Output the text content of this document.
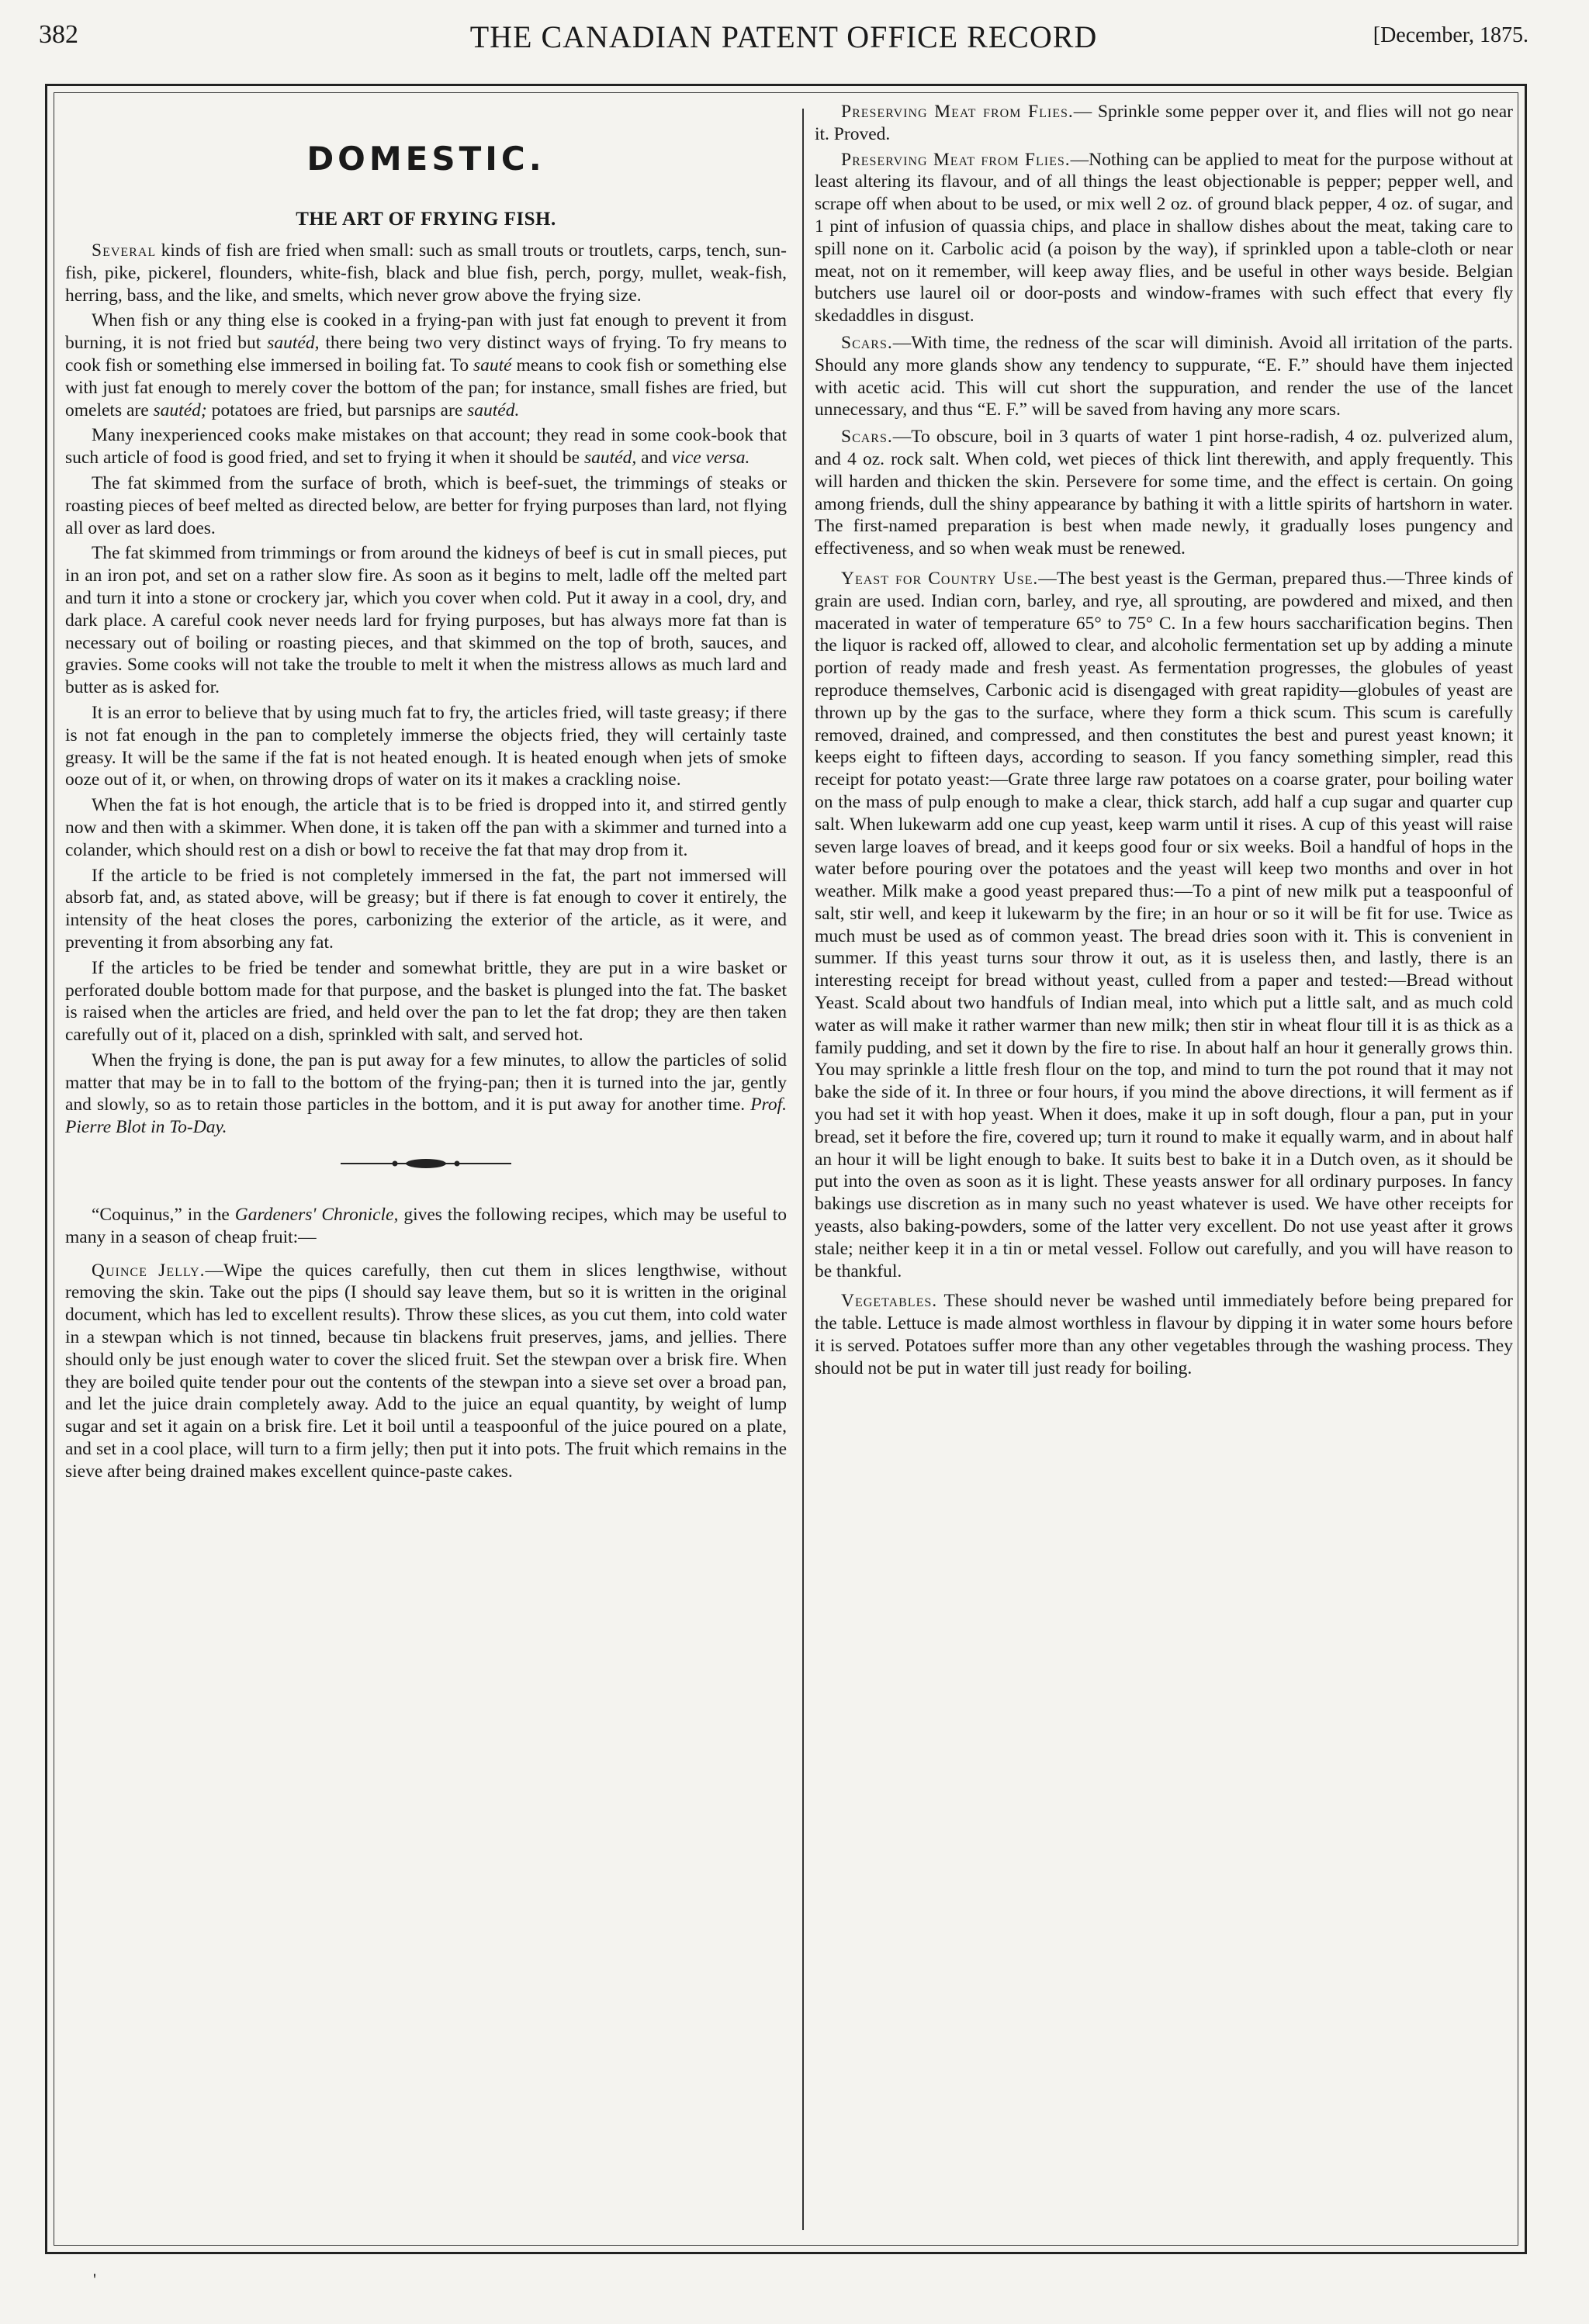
382	THE CANADIAN PATENT OFFICE RECORD	[December, 1875.
DOMESTIC.
THE ART OF FRYING FISH.

Several kinds of fish are fried when small: such as small trouts or troutlets, carps, tench, sun-fish, pike, pickerel, flounders, white-fish, black and blue fish, perch, porgy, mullet, weak-fish, herring, bass, and the like, and smelts, which never grow above the frying size.

When fish or any thing else is cooked in a frying-pan with just fat enough to prevent it from burning, it is not fried but sautéd, there being two very distinct ways of frying. To fry means to cook fish or something else immersed in boiling fat. To sauté means to cook fish or something else with just fat enough to merely cover the bottom of the pan; for instance, small fishes are fried, but omelets are sautéd; potatoes are fried, but parsnips are sautéd.

Many inexperienced cooks make mistakes on that account; they read in some cook-book that such article of food is good fried, and set to frying it when it should be sautéd, and vice versa.

The fat skimmed from the surface of broth, which is beef-suet, the trimmings of steaks or roasting pieces of beef melted as directed below, are better for frying purposes than lard, not flying all over as lard does.

The fat skimmed from trimmings or from around the kidneys of beef is cut in small pieces, put in an iron pot, and set on a rather slow fire. As soon as it begins to melt, ladle off the melted part and turn it into a stone or crockery jar, which you cover when cold. Put it away in a cool, dry, and dark place. A careful cook never needs lard for frying purposes, but has always more fat than is necessary out of boiling or roasting pieces, and that skimmed on the top of broth, sauces, and gravies. Some cooks will not take the trouble to melt it when the mistress allows as much lard and butter as is asked for.

It is an error to believe that by using much fat to fry, the articles fried, will taste greasy; if there is not fat enough in the pan to completely immerse the objects fried, they will certainly taste greasy. It will be the same if the fat is not heated enough. It is heated enough when jets of smoke ooze out of it, or when, on throwing drops of water on its it makes a crackling noise.

When the fat is hot enough, the article that is to be fried is dropped into it, and stirred gently now and then with a skimmer. When done, it is taken off the pan with a skimmer and turned into a colander, which should rest on a dish or bowl to receive the fat that may drop from it.

If the article to be fried is not completely immersed in the fat, the part not immersed will absorb fat, and, as stated above, will be greasy; but if there is fat enough to cover it entirely, the intensity of the heat closes the pores, carbonizing the exterior of the article, as it were, and preventing it from absorbing any fat.

If the articles to be fried be tender and somewhat brittle, they are put in a wire basket or perforated double bottom made for that purpose, and the basket is plunged into the fat. The basket is raised when the articles are fried, and held over the pan to let the fat drop; they are then taken carefully out of it, placed on a dish, sprinkled with salt, and served hot.

When the frying is done, the pan is put away for a few minutes, to allow the particles of solid matter that may be in to fall to the bottom of the frying-pan; then it is turned into the jar, gently and slowly, so as to retain those particles in the bottom, and it is put away for another time. Prof. Pierre Blot in To-Day.

“Coquinus,” in the Gardeners' Chronicle, gives the following recipes, which may be useful to many in a season of cheap fruit:—

Quince Jelly.—Wipe the quices carefully, then cut them in slices lengthwise, without removing the skin. Take out the pips (I should say leave them, but so it is written in the original document, which has led to excellent results). Throw these slices, as you cut them, into cold water in a stewpan which is not tinned, because tin blackens fruit preserves, jams, and jellies. There should only be just enough water to cover the sliced fruit. Set the stewpan over a brisk fire. When they are boiled quite tender pour out the contents of the stewpan into a sieve set over a broad pan, and let the juice drain completely away. Add to the juice an equal quantity, by weight of lump sugar and set it again on a brisk fire. Let it boil until a teaspoonful of the juice poured on a plate, and set in a cool place, will turn to a firm jelly; then put it into pots. The fruit which remains in the sieve after being drained makes excellent quince-paste cakes.

Preserving Meat from Flies.— Sprinkle some pepper over it, and flies will not go near it. Proved.

Preserving Meat from Flies.—Nothing can be applied to meat for the purpose without at least altering its flavour, and of all things the least objectionable is pepper; pepper well, and scrape off when about to be used, or mix well 2 oz. of ground black pepper, 4 oz. of sugar, and 1 pint of infusion of quassia chips, and place in shallow dishes about the meat, taking care to spill none on it. Carbolic acid (a poison by the way), if sprinkled upon a table-cloth or near meat, not on it remember, will keep away flies, and be useful in other ways beside. Belgian butchers use laurel oil or door-posts and window-frames with such effect that every fly skedaddles in disgust.

Scars.—With time, the redness of the scar will diminish. Avoid all irritation of the parts. Should any more glands show any tendency to suppurate, “E. F.” should have them injected with acetic acid. This will cut short the suppuration, and render the use of the lancet unnecessary, and thus “E. F.” will be saved from having any more scars.

Scars.—To obscure, boil in 3 quarts of water 1 pint horse-radish, 4 oz. pulverized alum, and 4 oz. rock salt. When cold, wet pieces of thick lint therewith, and apply frequently. This will harden and thicken the skin. Persevere for some time, and the effect is certain. On going among friends, dull the shiny appearance by bathing it with a little spirits of hartshorn in water. The first-named preparation is best when made newly, it gradually loses pungency and effectiveness, and so when weak must be renewed.

Yeast for Country Use.—The best yeast is the German, prepared thus.—Three kinds of grain are used. Indian corn, barley, and rye, all sprouting, are powdered and mixed, and then macerated in water of temperature 65° to 75° C. In a few hours saccharification begins. Then the liquor is racked off, allowed to clear, and alcoholic fermentation set up by adding a minute portion of ready made and fresh yeast. As fermentation progresses, the globules of yeast reproduce themselves, Carbonic acid is disengaged with great rapidity—globules of yeast are thrown up by the gas to the surface, where they form a thick scum. This scum is carefully removed, drained, and compressed, and then constitutes the best and purest yeast known; it keeps eight to fifteen days, according to season. If you fancy something simpler, read this receipt for potato yeast:—Grate three large raw potatoes on a coarse grater, pour boiling water on the mass of pulp enough to make a clear, thick starch, add half a cup sugar and quarter cup salt. When lukewarm add one cup yeast, keep warm until it rises. A cup of this yeast will raise seven large loaves of bread, and it keeps good four or six weeks. Boil a handful of hops in the water before pouring over the potatoes and the yeast will keep two months and over in hot weather. Milk make a good yeast prepared thus:—To a pint of new milk put a teaspoonful of salt, stir well, and keep it lukewarm by the fire; in an hour or so it will be fit for use. Twice as much must be used as of common yeast. The bread dries soon with it. This is convenient in summer. If this yeast turns sour throw it out, as it is useless then, and lastly, there is an interesting receipt for bread without yeast, culled from a paper and tested:—Bread without Yeast. Scald about two handfuls of Indian meal, into which put a little salt, and as much cold water as will make it rather warmer than new milk; then stir in wheat flour till it is as thick as a family pudding, and set it down by the fire to rise. In about half an hour it generally grows thin. You may sprinkle a little fresh flour on the top, and mind to turn the pot round that it may not bake the side of it. In three or four hours, if you mind the above directions, it will ferment as if you had set it with hop yeast. When it does, make it up in soft dough, flour a pan, put in your bread, set it before the fire, covered up; turn it round to make it equally warm, and in about half an hour it will be light enough to bake. It suits best to bake it in a Dutch oven, as it should be put into the oven as soon as it is light. These yeasts answer for all ordinary purposes. In fancy bakings use discretion as in many such no yeast whatever is used. We have other receipts for yeasts, also baking-powders, some of the latter very excellent. Do not use yeast after it grows stale; neither keep it in a tin or metal vessel. Follow out carefully, and you will have reason to be thankful.

Vegetables. These should never be washed until immediately before being prepared for the table. Lettuce is made almost worthless in flavour by dipping it in water some hours before it is served. Potatoes suffer more than any other vegetables through the washing process. They should not be put in water till just ready for boiling.

'
